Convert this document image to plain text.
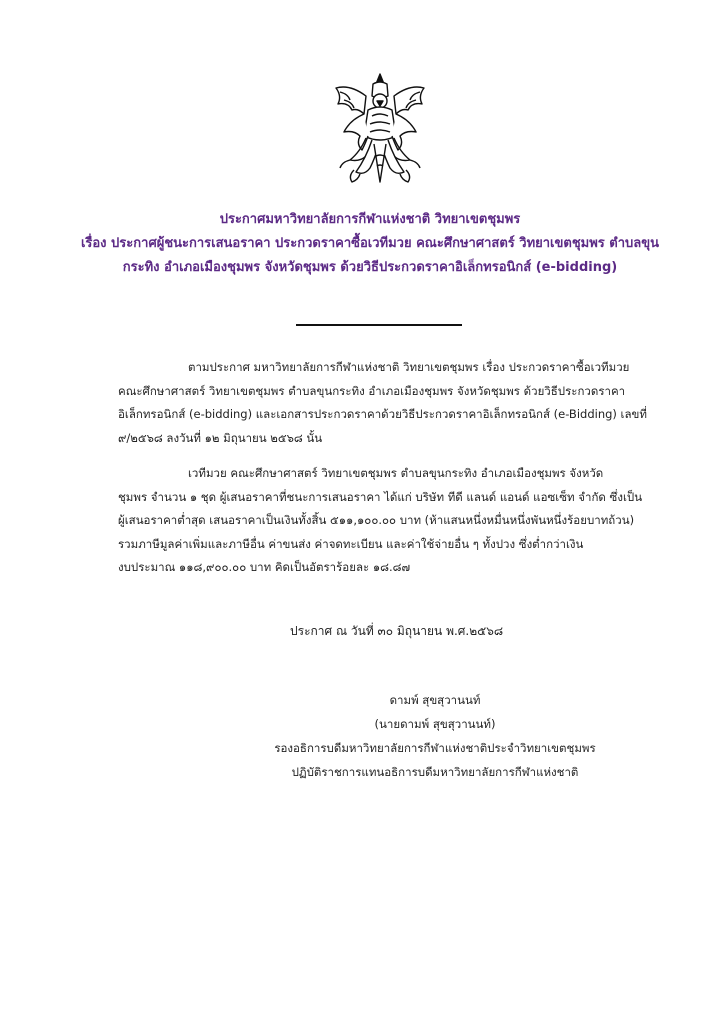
ประกาศมหาวิทยาลัยการกีฬาแห่งชาติ วิทยาเขตชุมพร
เรื่อง ประกาศผู้ชนะการเสนอราคา ประกวดราคาซื้อเวทีมวย คณะศึกษาศาสตร์ วิทยาเขตชุมพร ตำบลขุน
กระทิง อำเภอเมืองชุมพร จังหวัดชุมพร ด้วยวิธีประกวดราคาอิเล็กทรอนิกส์ (e-bidding)
ตามประกาศ มหาวิทยาลัยการกีฬาแห่งชาติ วิทยาเขตชุมพร เรื่อง ประกวดราคาซื้อเวทีมวย
คณะศึกษาศาสตร์ วิทยาเขตชุมพร ตำบลขุนกระทิง อำเภอเมืองชุมพร จังหวัดชุมพร ด้วยวิธีประกวดราคา
อิเล็กทรอนิกส์ (e-bidding) และเอกสารประกวดราคาด้วยวิธีประกวดราคาอิเล็กทรอนิกส์ (e-Bidding) เลขที่
๙/๒๕๖๘ ลงวันที่ ๑๒ มิถุนายน ๒๕๖๘ นั้น
เวทีมวย คณะศึกษาศาสตร์ วิทยาเขตชุมพร ตำบลขุนกระทิง อำเภอเมืองชุมพร จังหวัด
ชุมพร จำนวน ๑ ชุด ผู้เสนอราคาที่ชนะการเสนอราคา ได้แก่ บริษัท ทีดี แลนด์ แอนด์ แอซเซ็ท จำกัด ซึ่งเป็น
ผู้เสนอราคาต่ำสุด เสนอราคาเป็นเงินทั้งสิ้น ๕๑๑,๑๐๐.๐๐ บาท (ห้าแสนหนึ่งหมื่นหนึ่งพันหนึ่งร้อยบาทถ้วน)
รวมภาษีมูลค่าเพิ่มและภาษีอื่น ค่าขนส่ง ค่าจดทะเบียน และค่าใช้จ่ายอื่น ๆ ทั้งปวง ซึ่งต่ำกว่าเงิน
งบประมาณ ๑๑๘,๙๐๐.๐๐ บาท คิดเป็นอัตราร้อยละ ๑๘.๘๗
ประกาศ ณ วันที่ ๓๐ มิถุนายน พ.ศ.๒๕๖๘
ดามพ์ สุขสุวานนท์
(นายดามพ์ สุขสุวานนท์)
รองอธิการบดีมหาวิทยาลัยการกีฬาแห่งชาติประจำวิทยาเขตชุมพร
ปฏิบัติราชการแทนอธิการบดีมหาวิทยาลัยการกีฬาแห่งชาติ
